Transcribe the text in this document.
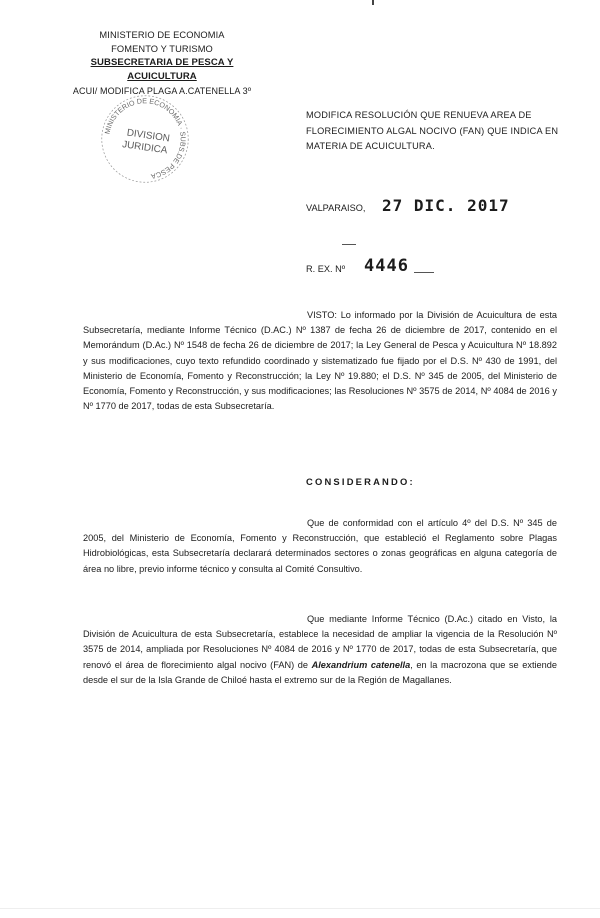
MINISTERIO DE ECONOMIA
FOMENTO Y TURISMO
SUBSECRETARIA DE PESCA Y ACUICULTURA
ACUI/ MODIFICA PLAGA A.CATENELLA 3º
MINISTERIO DE ECONOMIA · SUBS.DE PESCA
DIVISION
JURIDICA
MODIFICA RESOLUCIÓN QUE RENUEVA AREA DE FLORECIMIENTO ALGAL NOCIVO (FAN) QUE INDICA EN MATERIA DE ACUICULTURA.
VALPARAISO, 27 DIC. 2017
R. EX. Nº 4446

VISTO: Lo informado por la División de Acuicultura de esta Subsecretaría, mediante Informe Técnico (D.AC.) Nº 1387 de fecha 26 de diciembre de 2017, contenido en el Memorándum (D.Ac.) Nº 1548 de fecha 26 de diciembre de 2017; la Ley General de Pesca y Acuicultura Nº 18.892 y sus modificaciones, cuyo texto refundido coordinado y sistematizado fue fijado por el D.S. Nº 430 de 1991, del Ministerio de Economía, Fomento y Reconstrucción; la Ley Nº 19.880; el D.S. Nº 345 de 2005, del Ministerio de Economía, Fomento y Reconstrucción, y sus modificaciones; las Resoluciones Nº 3575 de 2014, Nº 4084 de 2016 y Nº 1770 de 2017, todas de esta Subsecretaría.

CONSIDERANDO:

Que de conformidad con el artículo 4º del D.S. Nº 345 de 2005, del Ministerio de Economía, Fomento y Reconstrucción, que estableció el Reglamento sobre Plagas Hidrobiológicas, esta Subsecretaría declarará determinados sectores o zonas geográficas en alguna categoría de área no libre, previo informe técnico y consulta al Comité Consultivo.

Que mediante Informe Técnico (D.Ac.) citado en Visto, la División de Acuicultura de esta Subsecretaría, establece la necesidad de ampliar la vigencia de la Resolución Nº 3575 de 2014, ampliada por Resoluciones Nº 4084 de 2016 y Nº 1770 de 2017, todas de esta Subsecretaría, que renovó el área de florecimiento algal nocivo (FAN) de Alexandrium catenella, en la macrozona que se extiende desde el sur de la Isla Grande de Chiloé hasta el extremo sur de la Región de Magallanes.
